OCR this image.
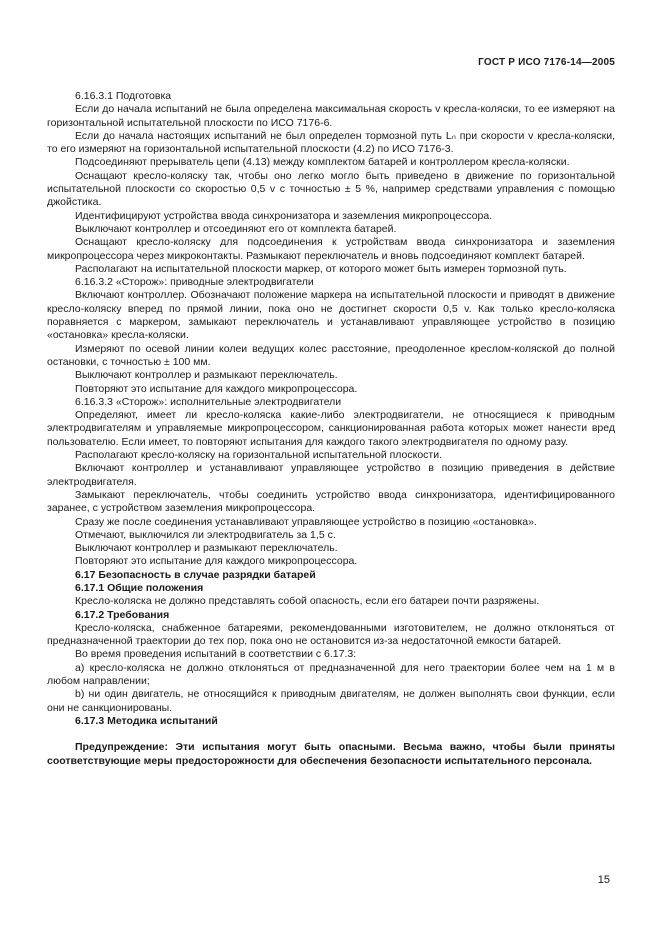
ГОСТ Р ИСО 7176-14—2005

6.16.3.1 Подготовка

Если до начала испытаний не была определена максимальная скорость v кресла-коляски, то ее измеряют на горизонтальной испытательной плоскости по ИСО 7176-6.

Если до начала настоящих испытаний не был определен тормозной путь Lₙ при скорости v кресла-коляски, то его измеряют на горизонтальной испытательной плоскости (4.2) по ИСО 7176-3.

Подсоединяют прерыватель цепи (4.13) между комплектом батарей и контроллером кресла-коляски.

Оснащают кресло-коляску так, чтобы оно легко могло быть приведено в движение по горизонтальной испытательной плоскости со скоростью 0,5 v с точностью ± 5 %, например средствами управления с помощью джойстика.

Идентифицируют устройства ввода синхронизатора и заземления микропроцессора.

Выключают контроллер и отсоединяют его от комплекта батарей.

Оснащают кресло-коляску для подсоединения к устройствам ввода синхронизатора и заземления микропроцессора через микроконтакты. Размыкают переключатель и вновь подсоединяют комплект батарей.

Располагают на испытательной плоскости маркер, от которого может быть измерен тормозной путь.

6.16.3.2 «Сторож»: приводные электродвигатели

Включают контроллер. Обозначают положение маркера на испытательной плоскости и приводят в движение кресло-коляску вперед по прямой линии, пока оно не достигнет скорости 0,5 v. Как только кресло-коляска поравняется с маркером, замыкают переключатель и устанавливают управляющее устройство в позицию «остановка» кресла-коляски.

Измеряют по осевой линии колеи ведущих колес расстояние, преодоленное креслом-коляской до полной остановки, с точностью ± 100 мм.

Выключают контроллер и размыкают переключатель.

Повторяют это испытание для каждого микропроцессора.

6.16.3.3 «Сторож»: исполнительные электродвигатели

Определяют, имеет ли кресло-коляска какие-либо электродвигатели, не относящиеся к приводным электродвигателям и управляемые микропроцессором, санкционированная работа которых может нанести вред пользователю. Если имеет, то повторяют испытания для каждого такого электродвигателя по одному разу.

Располагают кресло-коляску на горизонтальной испытательной плоскости.

Включают контроллер и устанавливают управляющее устройство в позицию приведения в действие электродвигателя.

Замыкают переключатель, чтобы соединить устройство ввода синхронизатора, идентифицированного заранее, с устройством заземления микропроцессора.

Сразу же после соединения устанавливают управляющее устройство в позицию «остановка».

Отмечают, выключился ли электродвигатель за 1,5 с.

Выключают контроллер и размыкают переключатель.

Повторяют это испытание для каждого микропроцессора.

6.17 Безопасность в случае разрядки батарей

6.17.1 Общие положения

Кресло-коляска не должно представлять собой опасность, если его батареи почти разряжены.

6.17.2 Требования

Кресло-коляска, снабженное батареями, рекомендованными изготовителем, не должно отклоняться от предназначенной траектории до тех пор, пока оно не остановится из-за недостаточной емкости батарей.

Во время проведения испытаний в соответствии с 6.17.3:

a) кресло-коляска не должно отклоняться от предназначенной для него траектории более чем на 1 м в любом направлении;

b) ни один двигатель, не относящийся к приводным двигателям, не должен выполнять свои функции, если они не санкционированы.

6.17.3 Методика испытаний

Предупреждение: Эти испытания могут быть опасными. Весьма важно, чтобы были приняты соответствующие меры предосторожности для обеспечения безопасности испытательного персонала.

15
